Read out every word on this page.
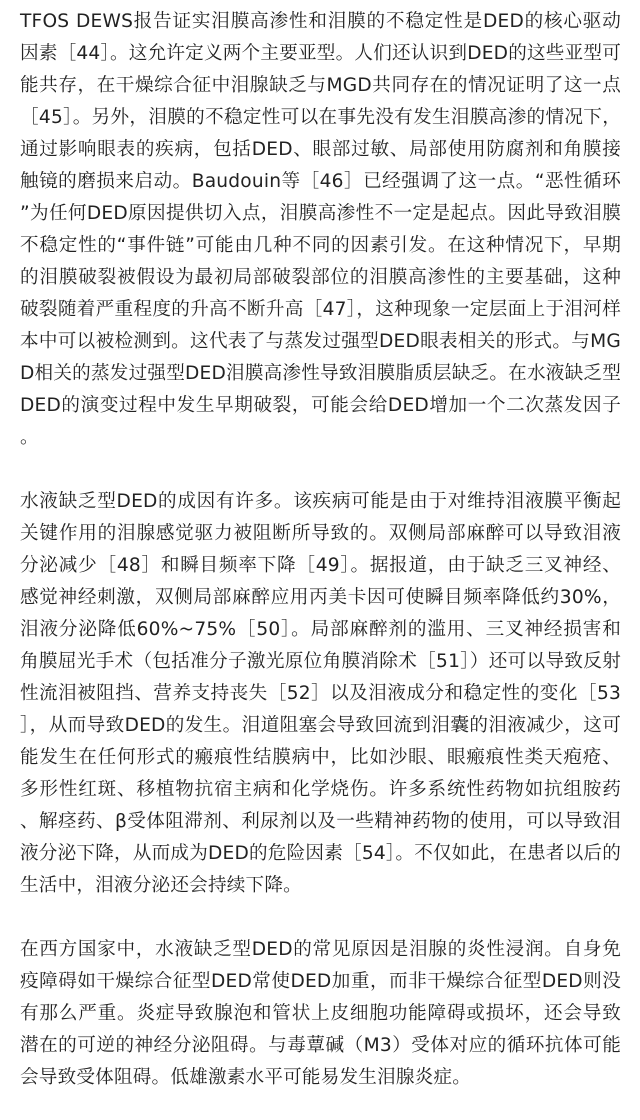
TFOS DEWS报告证实泪膜高渗性和泪膜的不稳定性是DED的核心驱动因素［44］。这允许定义两个主要亚型。人们还认识到DED的这些亚型可能共存，在干燥综合征中泪腺缺乏与MGD共同存在的情况证明了这一点［45］。另外，泪膜的不稳定性可以在事先没有发生泪膜高渗的情况下，通过影响眼表的疾病，包括DED、眼部过敏、局部使用防腐剂和角膜接触镜的磨损来启动。Baudouin等［46］已经强调了这一点。“恶性循环”为任何DED原因提供切入点，泪膜高渗性不一定是起点。因此导致泪膜不稳定性的“事件链”可能由几种不同的因素引发。在这种情况下，早期的泪膜破裂被假设为最初局部破裂部位的泪膜高渗性的主要基础，这种破裂随着严重程度的升高不断升高［47］，这种现象一定层面上于泪河样本中可以被检测到。这代表了与蒸发过强型DED眼表相关的形式。与MGD相关的蒸发过强型DED泪膜高渗性导致泪膜脂质层缺乏。在水液缺乏型DED的演变过程中发生早期破裂，可能会给DED增加一个二次蒸发因子。

水液缺乏型DED的成因有许多。该疾病可能是由于对维持泪液膜平衡起关键作用的泪腺感觉驱力被阻断所导致的。双侧局部麻醉可以导致泪液分泌减少［48］和瞬目频率下降［49］。据报道，由于缺乏三叉神经、感觉神经刺激，双侧局部麻醉应用丙美卡因可使瞬目频率降低约30%，泪液分泌降低60%~75%［50］。局部麻醉剂的滥用、三叉神经损害和角膜屈光手术（包括准分子激光原位角膜消除术［51］）还可以导致反射性流泪被阻挡、营养支持丧失［52］以及泪液成分和稳定性的变化［53］，从而导致DED的发生。泪道阻塞会导致回流到泪囊的泪液减少，这可能发生在任何形式的瘢痕性结膜病中，比如沙眼、眼瘢痕性类天疱疮、多形性红斑、移植物抗宿主病和化学烧伤。许多系统性药物如抗组胺药、解痉药、β受体阻滞剂、利尿剂以及一些精神药物的使用，可以导致泪液分泌下降，从而成为DED的危险因素［54］。不仅如此，在患者以后的生活中，泪液分泌还会持续下降。

在西方国家中，水液缺乏型DED的常见原因是泪腺的炎性浸润。自身免疫障碍如干燥综合征型DED常使DED加重，而非干燥综合征型DED则没有那么严重。炎症导致腺泡和管状上皮细胞功能障碍或损坏，还会导致潜在的可逆的神经分泌阻碍。与毒蕈碱（M3）受体对应的循环抗体可能会导致受体阻碍。低雄激素水平可能易发生泪腺炎症。
